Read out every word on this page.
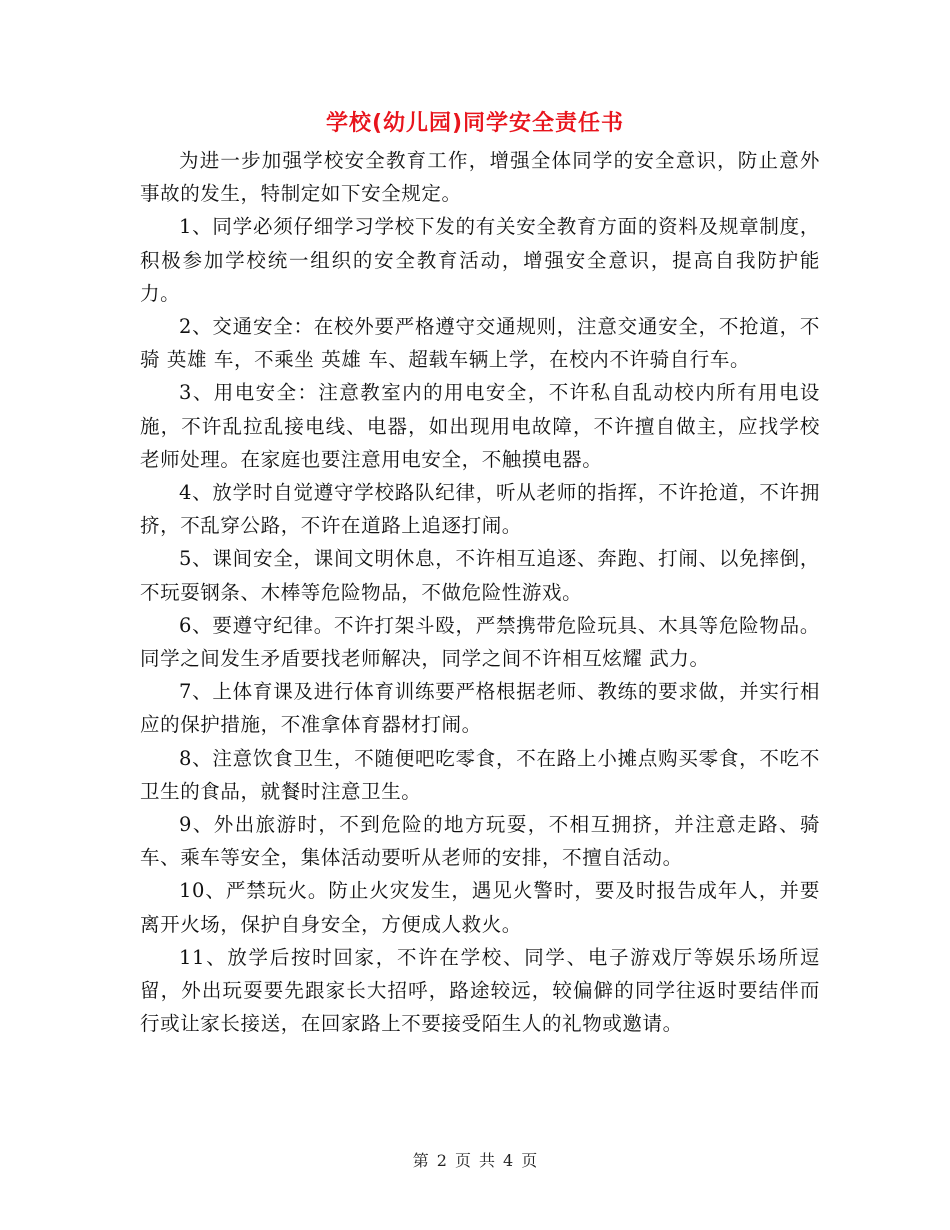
学校(幼儿园)同学安全责任书

为进一步加强学校安全教育工作，增强全体同学的安全意识，防止意外事故的发生，特制定如下安全规定。

1、同学必须仔细学习学校下发的有关安全教育方面的资料及规章制度，积极参加学校统一组织的安全教育活动，增强安全意识，提高自我防护能力。

2、交通安全：在校外要严格遵守交通规则，注意交通安全，不抢道，不骑 英雄 车，不乘坐 英雄 车、超载车辆上学，在校内不许骑自行车。

3、用电安全：注意教室内的用电安全，不许私自乱动校内所有用电设施，不许乱拉乱接电线、电器，如出现用电故障，不许擅自做主，应找学校老师处理。在家庭也要注意用电安全，不触摸电器。

4、放学时自觉遵守学校路队纪律，听从老师的指挥，不许抢道，不许拥挤，不乱穿公路，不许在道路上追逐打闹。

5、课间安全，课间文明休息，不许相互追逐、奔跑、打闹、以免摔倒，不玩耍钢条、木棒等危险物品，不做危险性游戏。

6、要遵守纪律。不许打架斗殴，严禁携带危险玩具、木具等危险物品。同学之间发生矛盾要找老师解决，同学之间不许相互炫耀 武力。

7、上体育课及进行体育训练要严格根据老师、教练的要求做，并实行相应的保护措施，不准拿体育器材打闹。

8、注意饮食卫生，不随便吧吃零食，不在路上小摊点购买零食，不吃不卫生的食品，就餐时注意卫生。

9、外出旅游时，不到危险的地方玩耍，不相互拥挤，并注意走路、骑车、乘车等安全，集体活动要听从老师的安排，不擅自活动。

10、严禁玩火。防止火灾发生，遇见火警时，要及时报告成年人，并要离开火场，保护自身安全，方便成人救火。

11、放学后按时回家，不许在学校、同学、电子游戏厅等娱乐场所逗留，外出玩耍要先跟家长大招呼，路途较远，较偏僻的同学往返时要结伴而行或让家长接送，在回家路上不要接受陌生人的礼物或邀请。

第 2 页 共 4 页
